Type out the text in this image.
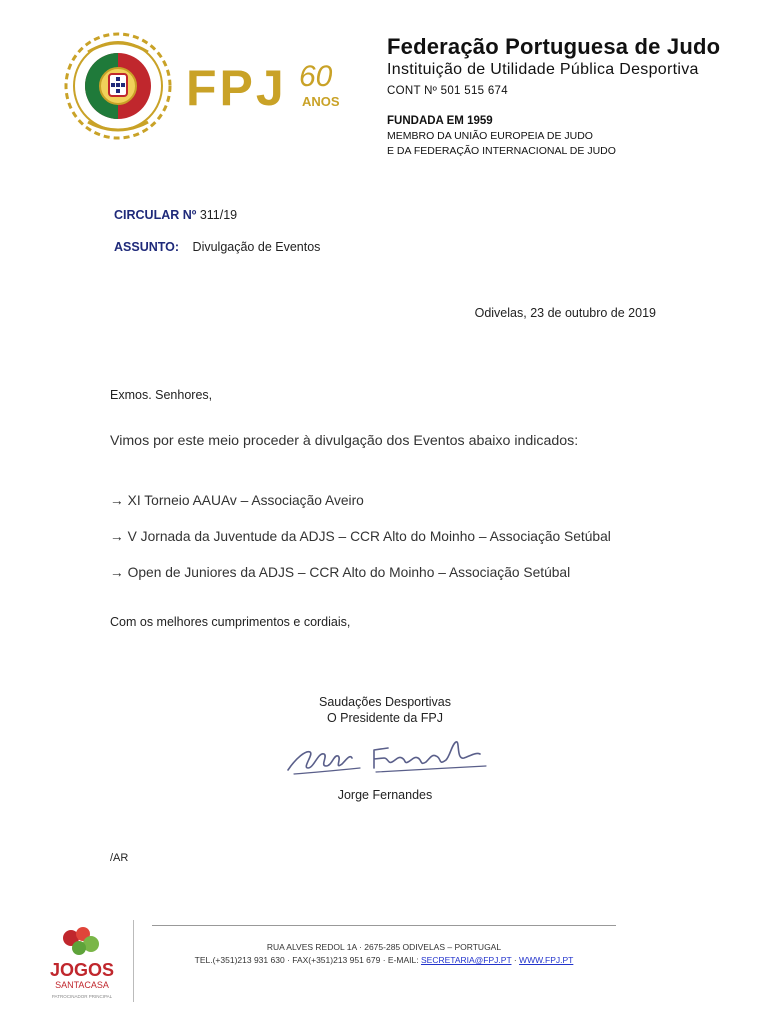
FPJ 60
ANOS
Federação Portuguesa de Judo
Instituição de Utilidade Pública Desportiva
CONT Nº 501 515 674
FUNDADA EM 1959
MEMBRO DA UNIÃO EUROPEIA DE JUDO
E DA FEDERAÇÃO INTERNACIONAL DE JUDO
CIRCULAR Nº 311/19
ASSUNTO: Divulgação de Eventos
Odivelas, 23 de outubro de 2019
Exmos. Senhores,
Vimos por este meio proceder à divulgação dos Eventos abaixo indicados:
→ XI Torneio AAUAv – Associação Aveiro
→ V Jornada da Juventude da ADJS – CCR Alto do Moinho – Associação Setúbal
→ Open de Juniores da ADJS – CCR Alto do Moinho – Associação Setúbal
Com os melhores cumprimentos e cordiais,
Saudações Desportivas
O Presidente da FPJ
Jorge Fernandes
/AR
JOGOS
SANTACASA
PATROCINADOR PRINCIPAL
RUA ALVES REDOL 1A · 2675-285 ODIVELAS – PORTUGAL
TEL.(+351)213 931 630 · FAX(+351)213 951 679 · E-MAIL: SECRETARIA@FPJ.PT · WWW.FPJ.PT
